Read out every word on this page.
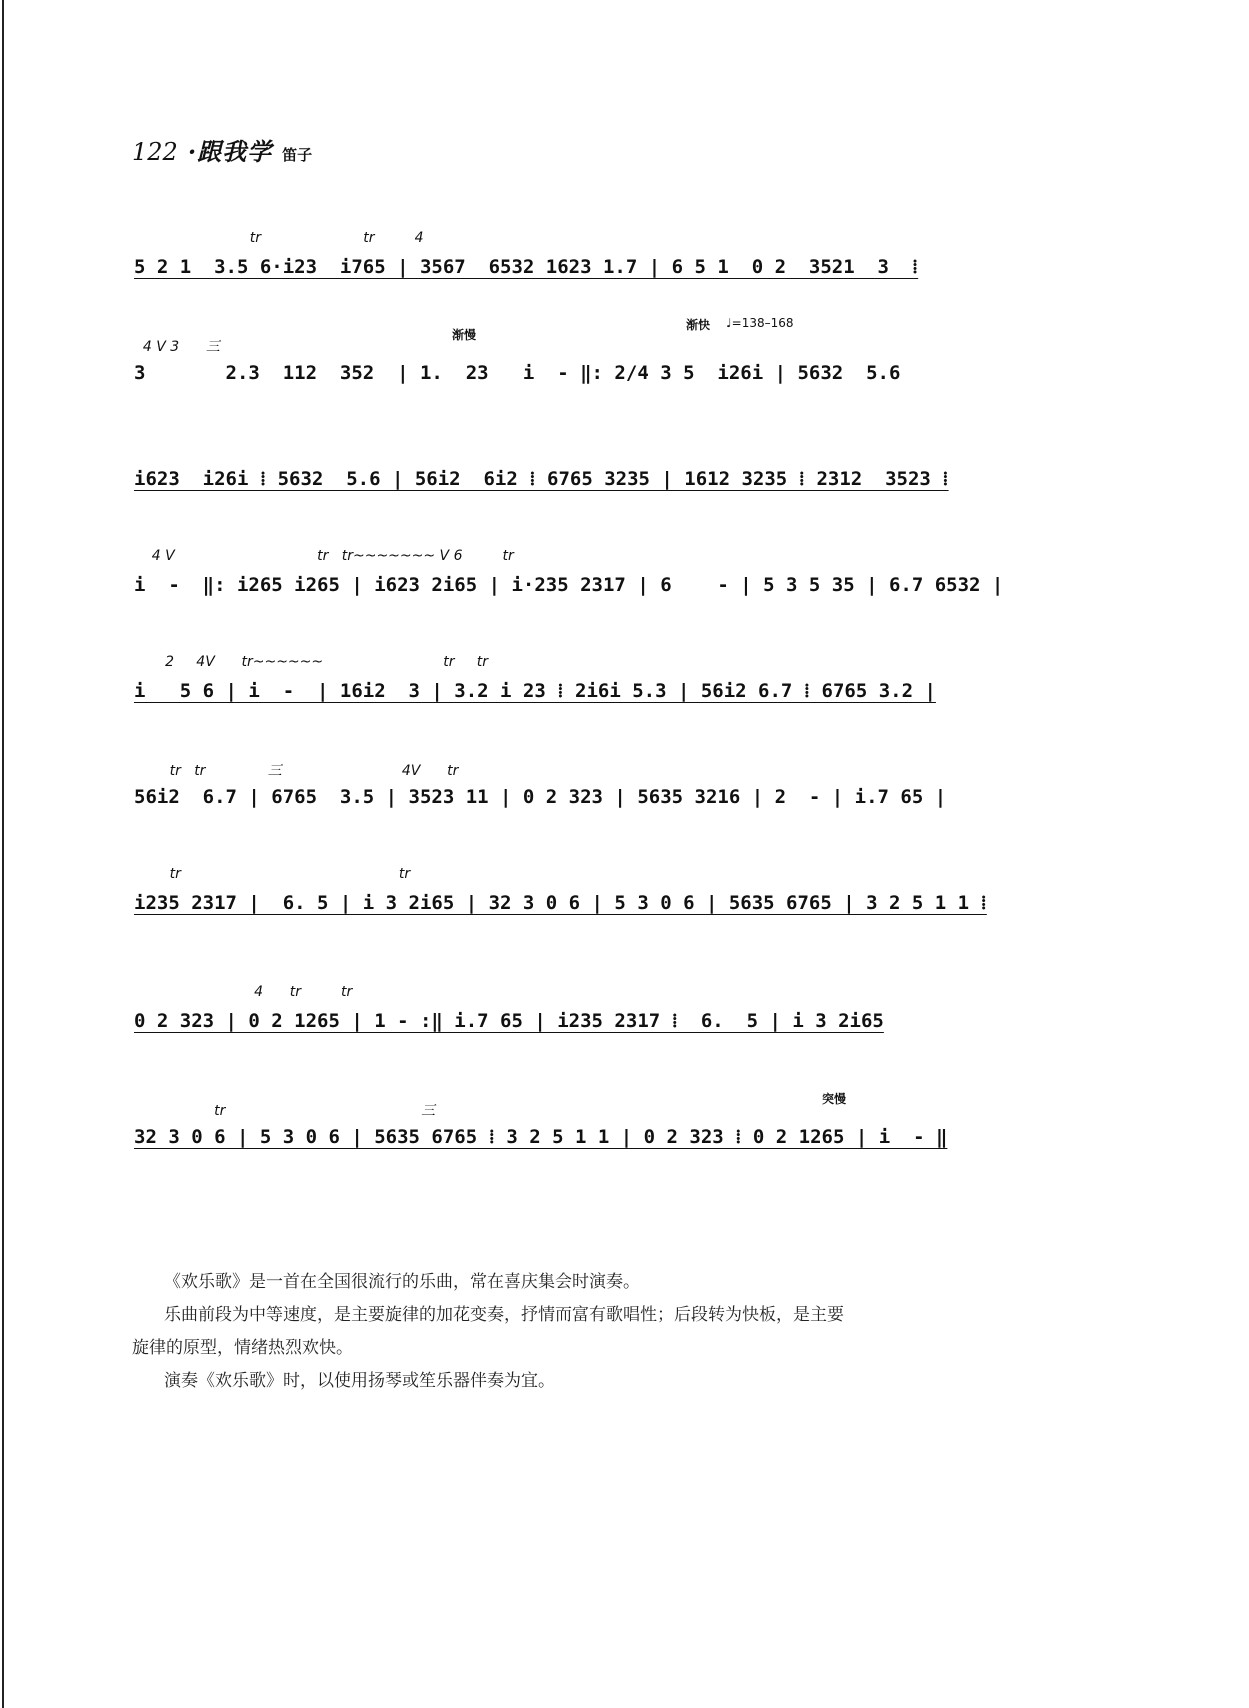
122 ·跟我学 笛子
渐慢
渐快 ♩=138–168
突慢
tr                       tr         4
5 2 1  3.5 6·i23  i765 | 3567  6532 1623 1.7 | 6 5 1  0 2  3521  3  ⁞
4 V 3      三
3       2.3  112  352  | 1.  23   i  - ‖: 2/4 3 5  i26i | 5632  5.6

i623  i26i ⁞ 5632  5.6 | 56i2  6i2 ⁞ 6765 3235 | 1612 3235 ⁞ 2312  3523 ⁞
4 V                                tr   tr~~~~~~~ V 6         tr
i  -  ‖: i265 i265 | i623 2i65 | i·235 2317 | 6    - | 5 3 5 35 | 6.7 6532 |
2     4V      tr~~~~~~                           tr     tr
i   5 6 | i  -  | 16i2  3 | 3.2 i 23 ⁞ 2i6i 5.3 | 56i2 6.7 ⁞ 6765 3.2 |
tr   tr              三                           4V      tr
56i2  6.7 | 6765  3.5 | 3523 11 | 0 2 323 | 5635 3216 | 2  - | i.7 65 |
tr                                                 tr
i235 2317 |  6. 5 | i 3 2i65 | 32 3 0 6 | 5 3 0 6 | 5635 6765 | 3 2 5 1 1 ⁞
4      tr         tr
0 2 323 | 0 2 1265 | 1 - :‖ i.7 65 | i235 2317 ⁞  6.  5 | i 3 2i65
tr                                            三
32 3 0 6 | 5 3 0 6 | 5635 6765 ⁞ 3 2 5 1 1 | 0 2 323 ⁞ 0 2 1265 | i  - ‖

《欢乐歌》是一首在全国很流行的乐曲，常在喜庆集会时演奏。

乐曲前段为中等速度，是主要旋律的加花变奏，抒情而富有歌唱性；后段转为快板，是主要
旋律的原型，情绪热烈欢快。

演奏《欢乐歌》时，以使用扬琴或笙乐器伴奏为宜。
